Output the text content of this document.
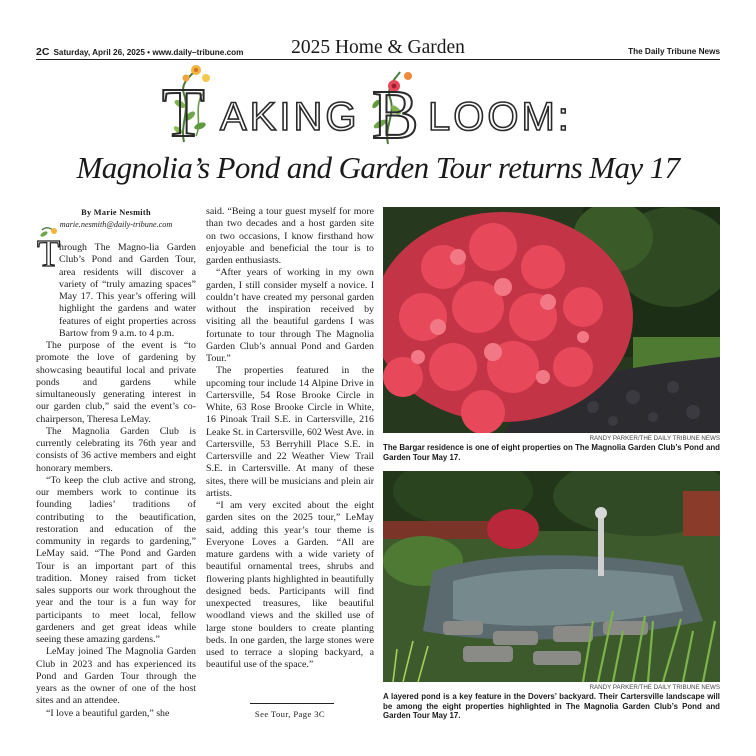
2C Saturday, April 26, 2025 • www.daily–tribune.com	2025 Home & Garden	The Daily Tribune News
T AKING B LOOM:
Magnolia’s Pond and Garden Tour returns May 17
By Marie Nesmith
marie.nesmith@daily-tribune.com
T

hrough The Magno-lia Garden Club’s Pond and Garden Tour, area residents will discover a variety of “truly amazing spaces” May 17. This year’s offering will highlight the gardens and water features of eight properties across Bartow from 9 a.m. to 4 p.m.

The purpose of the event is “to promote the love of gardening by showcasing beautiful local and private ponds and gardens while simultaneously generating interest in our garden club,” said the event’s co-chairperson, Theresa LeMay.

The Magnolia Garden Club is currently celebrating its 76th year and consists of 36 active members and eight honorary members.

“To keep the club active and strong, our members work to continue its founding ladies’ traditions of contributing to the beautification, restoration and education of the community in regards to gardening,” LeMay said. “The Pond and Garden Tour is an important part of this tradition. Money raised from ticket sales supports our work throughout the year and the tour is a fun way for participants to meet local, fellow gardeners and get great ideas while seeing these amazing gardens.”

LeMay joined The Magnolia Garden Club in 2023 and has experienced its Pond and Garden Tour through the years as the owner of one of the host sites and an attendee.

“I love a beautiful garden,” she

said. “Being a tour guest myself for more than two decades and a host garden site on two occasions, I know firsthand how enjoyable and beneficial the tour is to garden enthusiasts.

“After years of working in my own garden, I still consider myself a novice. I couldn’t have created my personal garden without the inspiration received by visiting all the beautiful gardens I was fortunate to tour through The Magnolia Garden Club’s annual Pond and Garden Tour.”

The properties featured in the upcoming tour include 14 Alpine Drive in Cartersville, 54 Rose Brooke Circle in White, 63 Rose Brooke Circle in White, 16 Pinoak Trail S.E. in Cartersville, 216 Leake St. in Cartersville, 602 West Ave. in Cartersville, 53 Berryhill Place S.E. in Cartersville and 22 Weather View Trail S.E. in Cartersville. At many of these sites, there will be musicians and plein air artists.

“I am very excited about the eight garden sites on the 2025 tour,” LeMay said, adding this year’s tour theme is Everyone Loves a Garden. “All are mature gardens with a wide variety of beautiful ornamental trees, shrubs and flowering plants highlighted in beautifully designed beds. Participants will find unexpected treasures, like beautiful woodland views and the skilled use of large stone boulders to create planting beds. In one garden, the large stones were used to terrace a sloping backyard, a beautiful use of the space.”

See Tour, Page 3C
RANDY PARKER/THE DAILY TRIBUNE NEWS
The Bargar residence is one of eight properties on The Magnolia Garden Club’s Pond and Garden Tour May 17.
RANDY PARKER/THE DAILY TRIBUNE NEWS
A layered pond is a key feature in the Dovers’ backyard. Their Cartersville landscape will be among the eight properties highlighted in The Magnolia Garden Club’s Pond and Garden Tour May 17.
